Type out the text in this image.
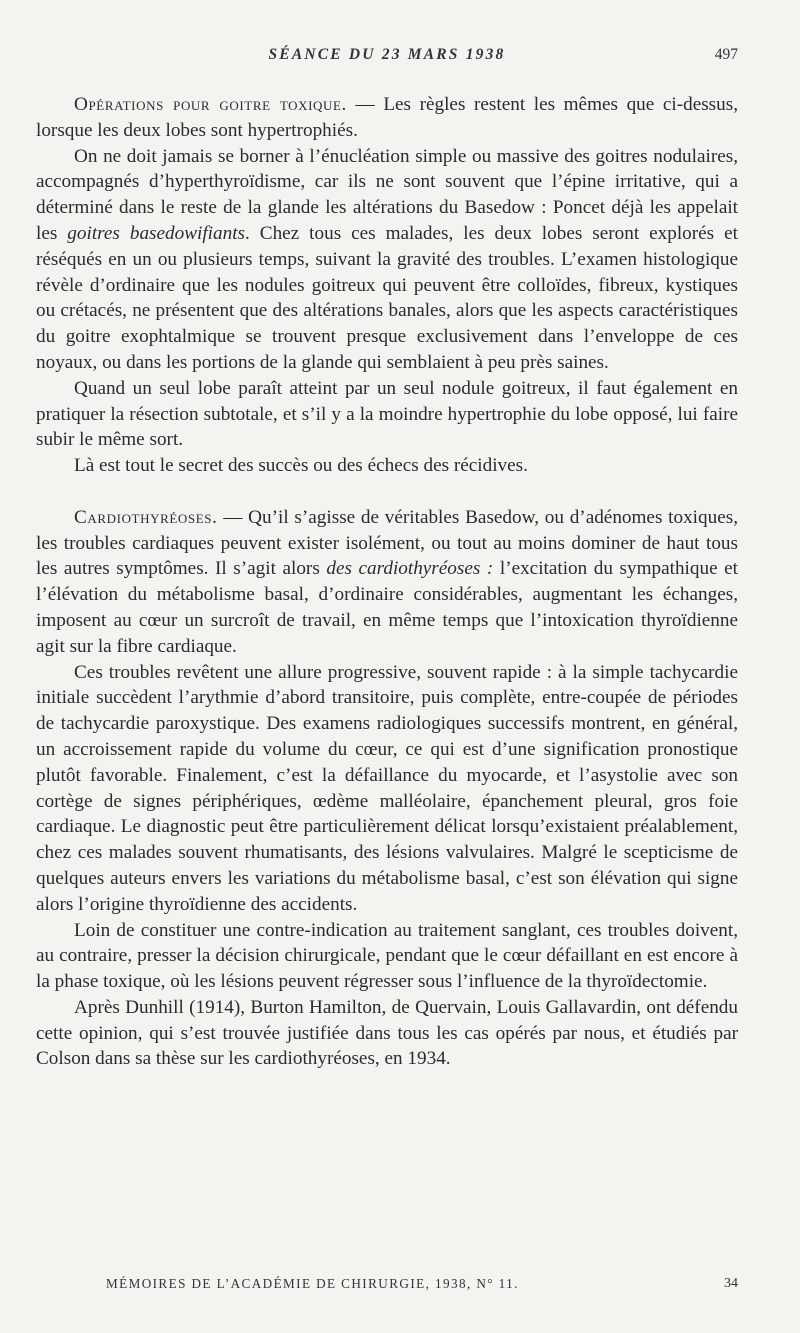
SÉANCE DU 23 MARS 1938	497

Opérations pour goitre toxique. — Les règles restent les mêmes que ci-dessus, lorsque les deux lobes sont hypertrophiés.

On ne doit jamais se borner à l’énucléation simple ou massive des goitres nodulaires, accompagnés d’hyperthyroïdisme, car ils ne sont souvent que l’épine irritative, qui a déterminé dans le reste de la glande les altérations du Basedow : Poncet déjà les appelait les goitres basedowifiants. Chez tous ces malades, les deux lobes seront explorés et réséqués en un ou plusieurs temps, suivant la gravité des troubles. L’examen histologique révèle d’ordinaire que les nodules goitreux qui peuvent être colloïdes, fibreux, kystiques ou crétacés, ne présentent que des altérations banales, alors que les aspects caractéristiques du goitre exophtalmique se trouvent presque exclusivement dans l’enveloppe de ces noyaux, ou dans les portions de la glande qui semblaient à peu près saines.

Quand un seul lobe paraît atteint par un seul nodule goitreux, il faut également en pratiquer la résection subtotale, et s’il y a la moindre hypertrophie du lobe opposé, lui faire subir le même sort.

Là est tout le secret des succès ou des échecs des récidives.

Cardiothyréoses. — Qu’il s’agisse de véritables Basedow, ou d’adénomes toxiques, les troubles cardiaques peuvent exister isolément, ou tout au moins dominer de haut tous les autres symptômes. Il s’agit alors des cardiothyréoses : l’excitation du sympathique et l’élévation du métabolisme basal, d’ordinaire considérables, augmentant les échanges, imposent au cœur un surcroît de travail, en même temps que l’intoxication thyroïdienne agit sur la fibre cardiaque.

Ces troubles revêtent une allure progressive, souvent rapide : à la simple tachycardie initiale succèdent l’arythmie d’abord transitoire, puis complète, entre-coupée de périodes de tachycardie paroxystique. Des examens radiologiques successifs montrent, en général, un accroissement rapide du volume du cœur, ce qui est d’une signification pronostique plutôt favorable. Finalement, c’est la défaillance du myocarde, et l’asystolie avec son cortège de signes périphériques, œdème malléolaire, épanchement pleural, gros foie cardiaque. Le diagnostic peut être particulièrement délicat lorsqu’existaient préalablement, chez ces malades souvent rhumatisants, des lésions valvulaires. Malgré le scepticisme de quelques auteurs envers les variations du métabolisme basal, c’est son élévation qui signe alors l’origine thyroïdienne des accidents.

Loin de constituer une contre-indication au traitement sanglant, ces troubles doivent, au contraire, presser la décision chirurgicale, pendant que le cœur défaillant en est encore à la phase toxique, où les lésions peuvent régresser sous l’influence de la thyroïdectomie.

Après Dunhill (1914), Burton Hamilton, de Quervain, Louis Gallavardin, ont défendu cette opinion, qui s’est trouvée justifiée dans tous les cas opérés par nous, et étudiés par Colson dans sa thèse sur les cardiothyréoses, en 1934.

MÉMOIRES DE L’ACADÉMIE DE CHIRURGIE, 1938, N° 11.	34
